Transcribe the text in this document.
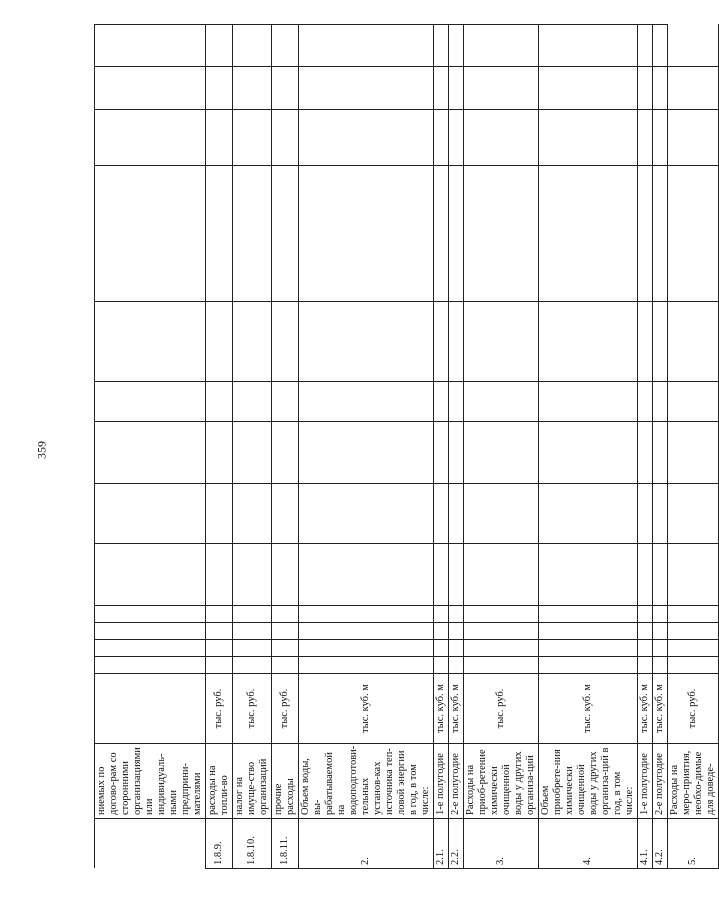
359
	ниемых по догово-рам со сторонними организациями или индивидуаль-ными предприни-мателями														
1.8.9.	расходы на топли-во	тыс. руб.													
1.8.10.	налог на имуще-ство организаций	тыс. руб.													
1.8.11.	прочие расходы	тыс. руб.													
2.	Объем воды, вы-рабатываемой на водоподготови-тельных установ-ках источника теп-ловой энергии в год, в том числе:	тыс. куб. м													
2.1.	1-е полугодие	тыс. куб. м													
2.2.	2-е полугодие	тыс. куб. м													
3.	Расходы на приоб-ретение химически очищенной воды у других организа-ций	тыс. руб.													
4.	Объем приобрете-ния химически очищенной воды у других организа-ций в год, в том числе:	тыс. куб. м													
4.1.	1-е полугодие	тыс. куб. м													
4.2.	2-е полугодие	тыс. куб. м													
5.	Расходы на меро-приятия, необхо-димые для доведе-	тыс. руб.													
